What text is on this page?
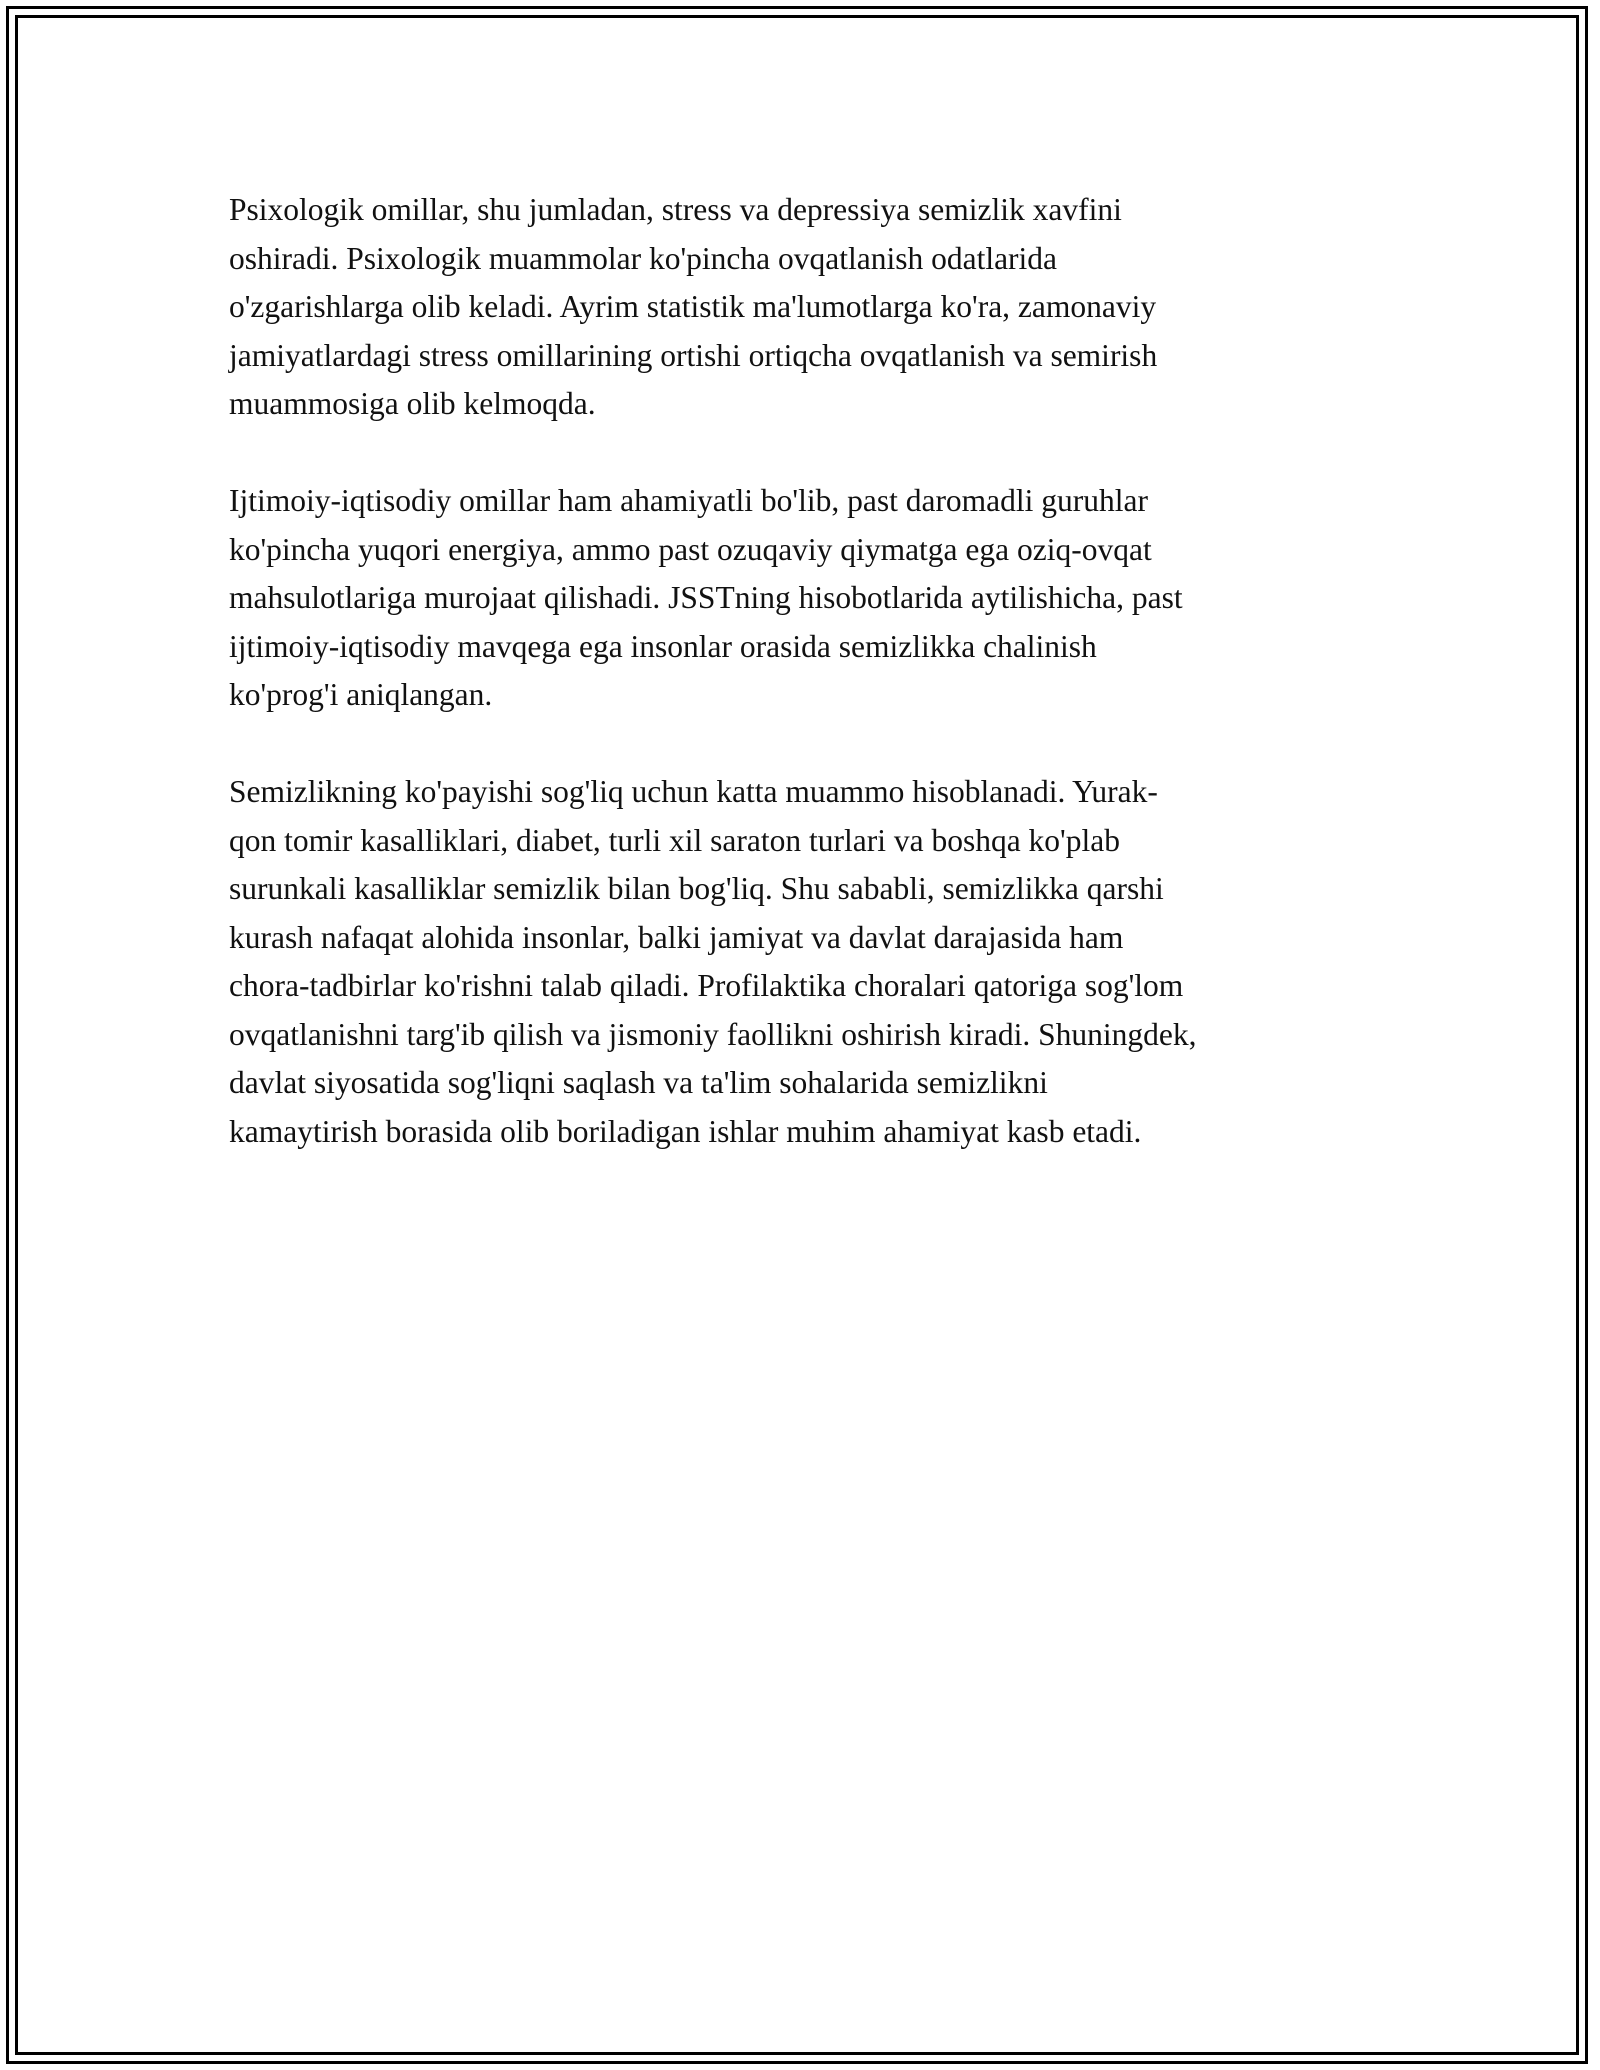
Psixologik omillar, shu jumladan, stress va depressiya semizlik xavfini
oshiradi. Psixologik muammolar ko'pincha ovqatlanish odatlarida
o'zgarishlarga olib keladi. Ayrim statistik ma'lumotlarga ko'ra, zamonaviy
jamiyatlardagi stress omillarining ortishi ortiqcha ovqatlanish va semirish
muammosiga olib kelmoqda.

Ijtimoiy-iqtisodiy omillar ham ahamiyatli bo'lib, past daromadli guruhlar
ko'pincha yuqori energiya, ammo past ozuqaviy qiymatga ega oziq-ovqat
mahsulotlariga murojaat qilishadi. JSSTning hisobotlarida aytilishicha, past
ijtimoiy-iqtisodiy mavqega ega insonlar orasida semizlikka chalinish
ko'prog'i aniqlangan.

Semizlikning ko'payishi sog'liq uchun katta muammo hisoblanadi. Yurak-
qon tomir kasalliklari, diabet, turli xil saraton turlari va boshqa ko'plab
surunkali kasalliklar semizlik bilan bog'liq. Shu sababli, semizlikka qarshi
kurash nafaqat alohida insonlar, balki jamiyat va davlat darajasida ham
chora-tadbirlar ko'rishni talab qiladi. Profilaktika choralari qatoriga sog'lom
ovqatlanishni targ'ib qilish va jismoniy faollikni oshirish kiradi. Shuningdek,
davlat siyosatida sog'liqni saqlash va ta'lim sohalarida semizlikni
kamaytirish borasida olib boriladigan ishlar muhim ahamiyat kasb etadi.
